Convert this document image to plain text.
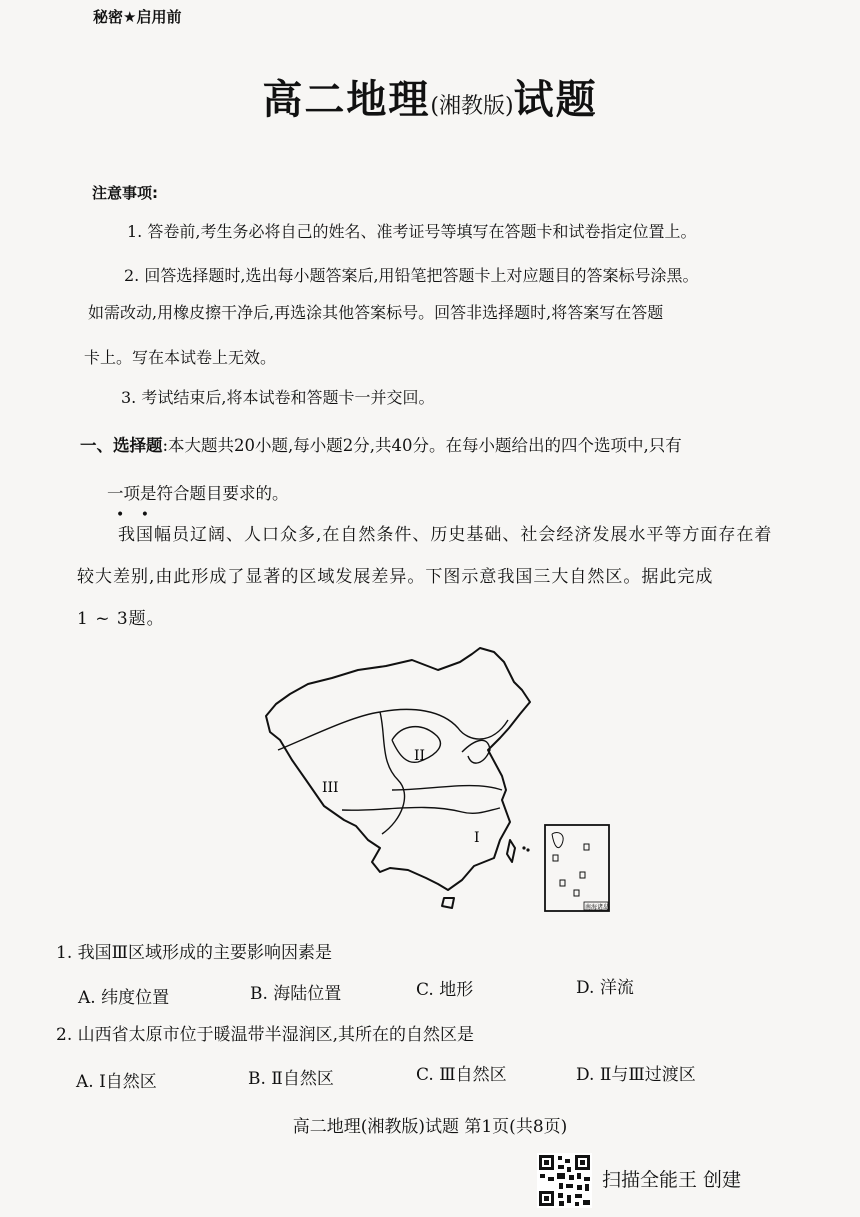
秘密★启用前
高二地理(湘教版)试题
注意事项:
1. 答卷前,考生务必将自己的姓名、准考证号等填写在答题卡和试卷指定位置上。
2. 回答选择题时,选出每小题答案后,用铅笔把答题卡上对应题目的答案标号涂黑。
如需改动,用橡皮擦干净后,再选涂其他答案标号。回答非选择题时,将答案写在答题
卡上。写在本试卷上无效。
3. 考试结束后,将本试卷和答题卡一并交回。
一、选择题:本大题共20小题,每小题2分,共40分。在每小题给出的四个选项中,只有
一项是符合题目要求的。
• •
我国幅员辽阔、人口众多,在自然条件、历史基础、社会经济发展水平等方面存在着
较大差别,由此形成了显著的区域发展差异。下图示意我国三大自然区。据此完成
1 ~ 3题。
II
III
I
南海诸岛
1. 我国Ⅲ区域形成的主要影响因素是
A. 纬度位置	B. 海陆位置	C. 地形	D. 洋流
2. 山西省太原市位于暖温带半湿润区,其所在的自然区是
A. Ⅰ自然区	B. Ⅱ自然区	C. Ⅲ自然区	D. Ⅱ与Ⅲ过渡区
高二地理(湘教版)试题 第1页(共8页)
扫描全能王 创建
